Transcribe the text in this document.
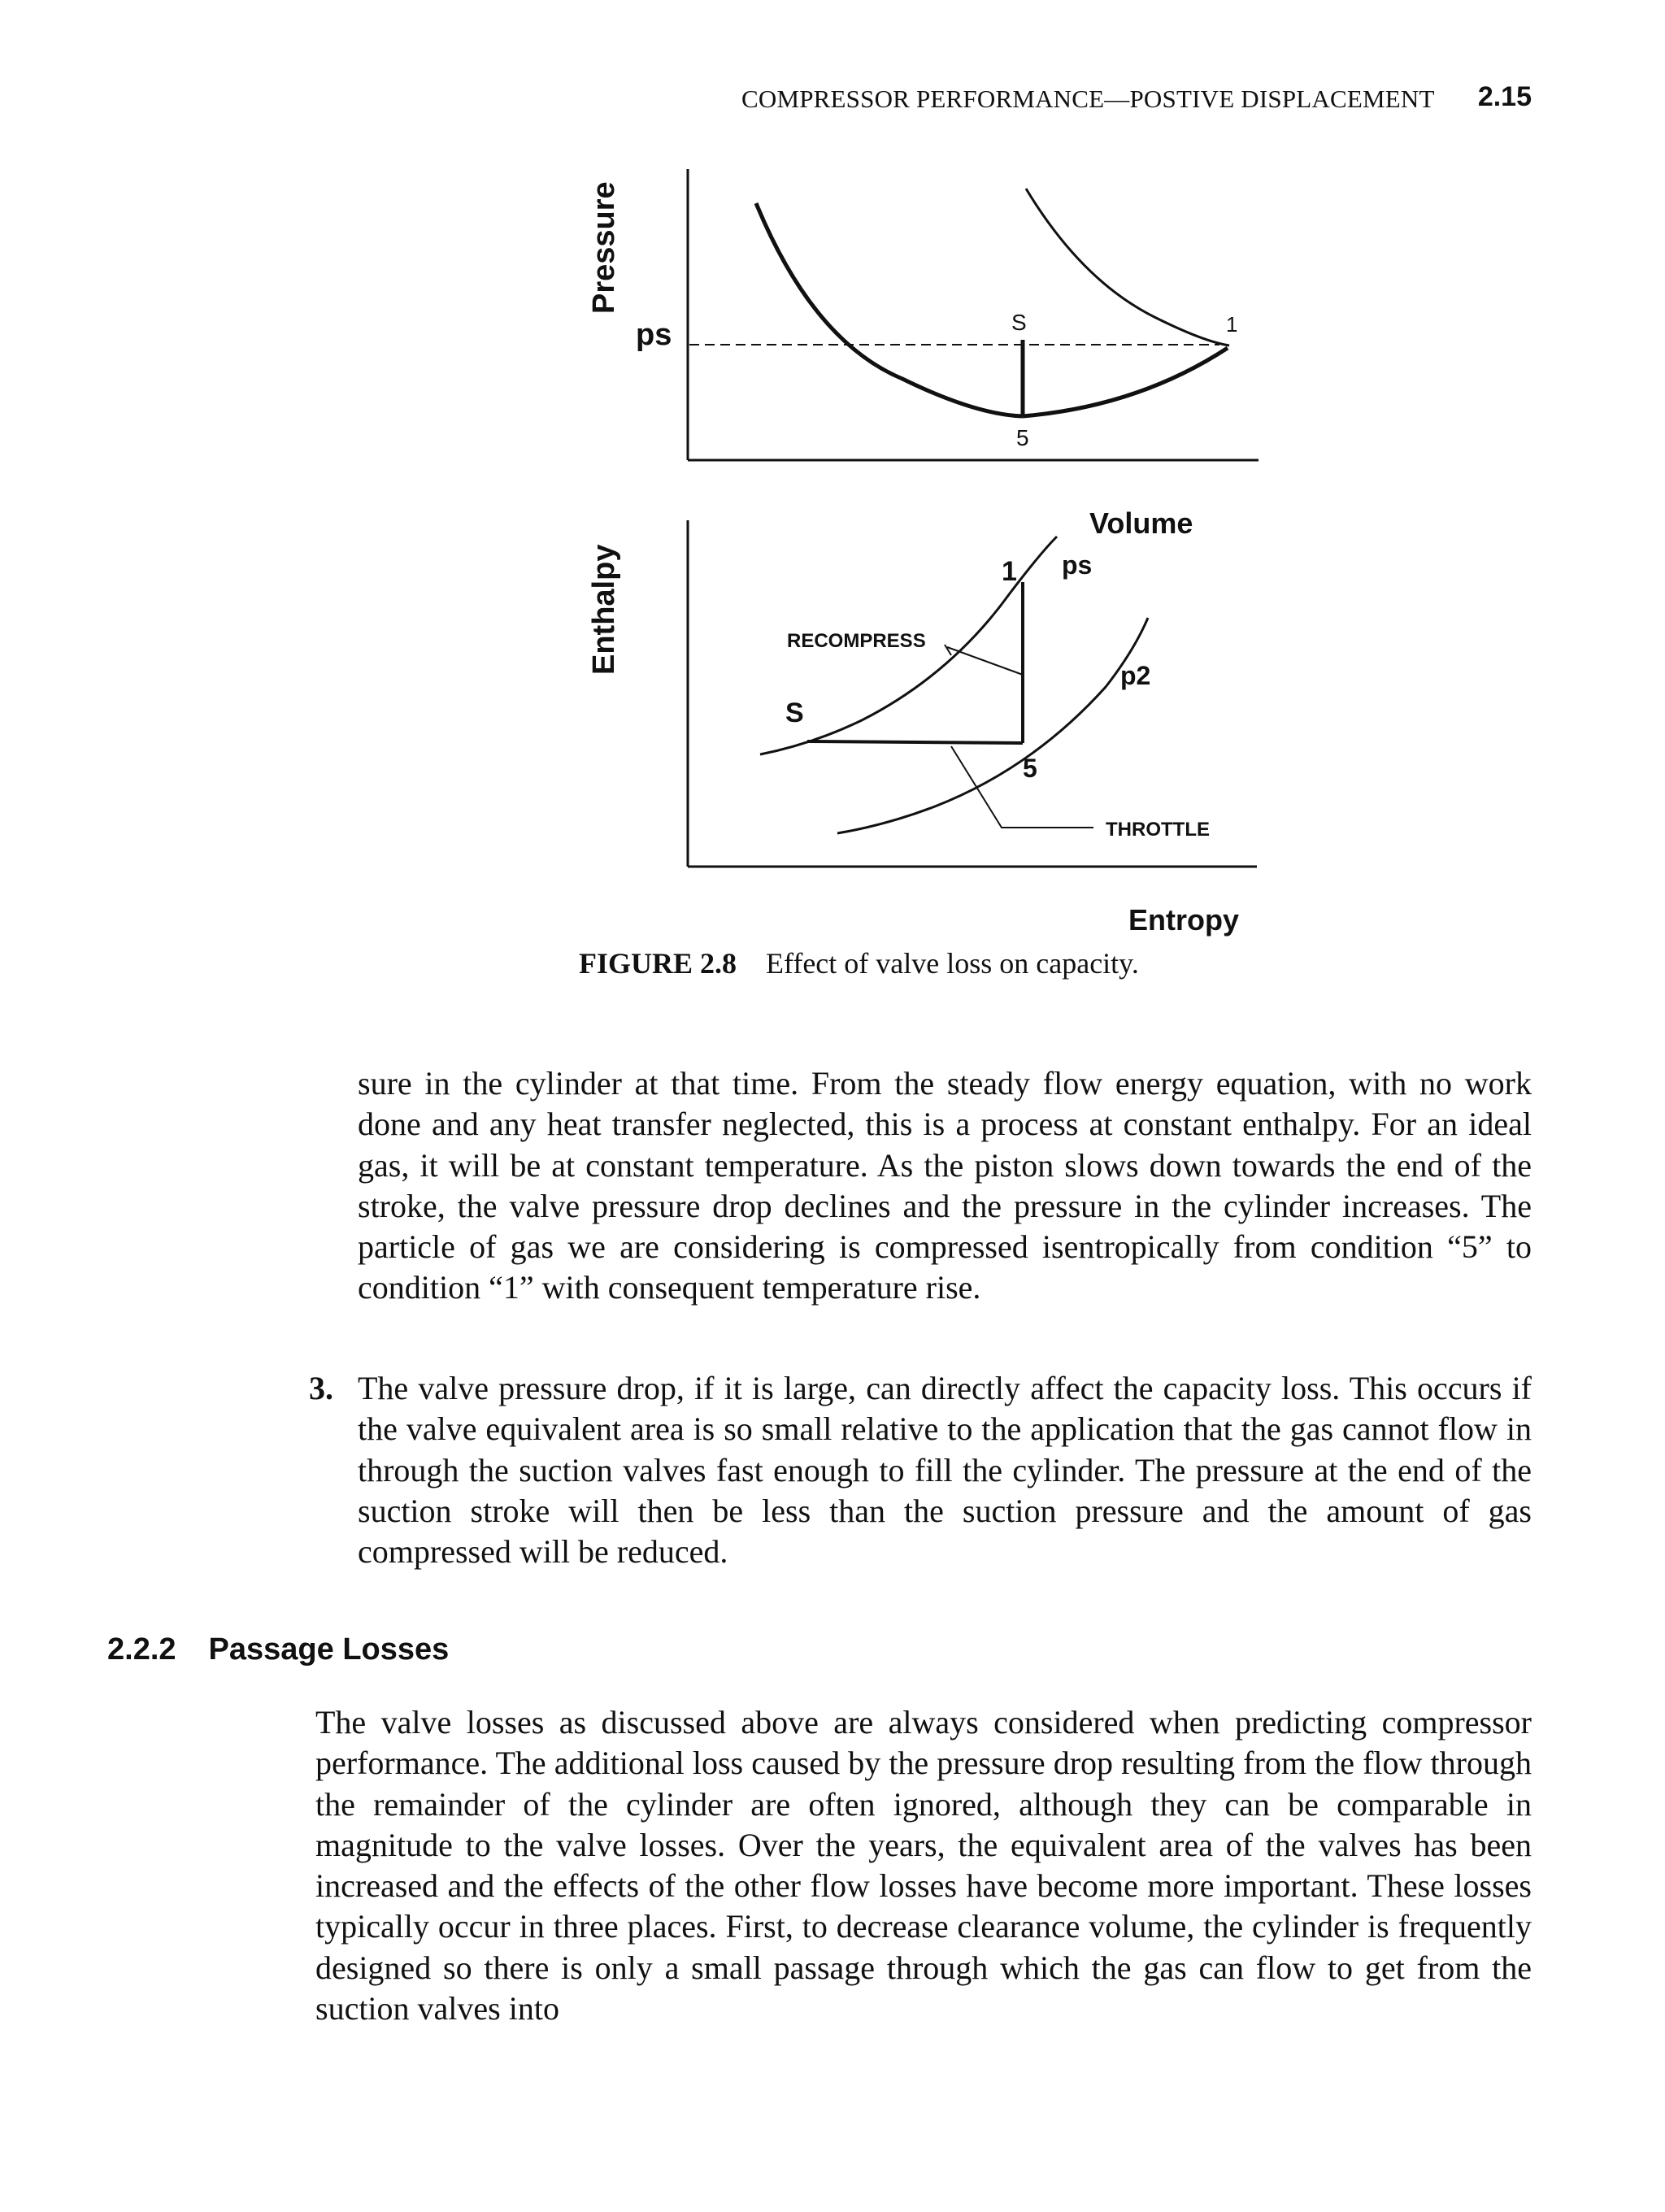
COMPRESSOR PERFORMANCE—POSTIVE DISPLACEMENT 2.15
Pressure
ps	S	1
5
Volume
Enthalpy	1 ps
RECOMPRESS
p2
S
5
THROTTLE
Entropy
FIGURE 2.8 Effect of valve loss on capacity.

sure in the cylinder at that time. From the steady flow energy equation, with no work done and any heat transfer neglected, this is a process at constant enthalpy. For an ideal gas, it will be at constant temperature. As the piston slows down towards the end of the stroke, the valve pressure drop declines and the pressure in the cylinder increases. The particle of gas we are considering is compressed isentropically from condition “5” to condition “1” with consequent temperature rise.

3. The valve pressure drop, if it is large, can directly affect the capacity loss. This occurs if the valve equivalent area is so small relative to the application that the gas cannot flow in through the suction valves fast enough to fill the cylinder. The pressure at the end of the suction stroke will then be less than the suction pressure and the amount of gas compressed will be reduced.
2.2.2 Passage Losses

The valve losses as discussed above are always considered when predicting compressor performance. The additional loss caused by the pressure drop resulting from the flow through the remainder of the cylinder are often ignored, although they can be comparable in magnitude to the valve losses. Over the years, the equivalent area of the valves has been increased and the effects of the other flow losses have become more important. These losses typically occur in three places. First, to decrease clearance volume, the cylinder is frequently designed so there is only a small passage through which the gas can flow to get from the suction valves into
